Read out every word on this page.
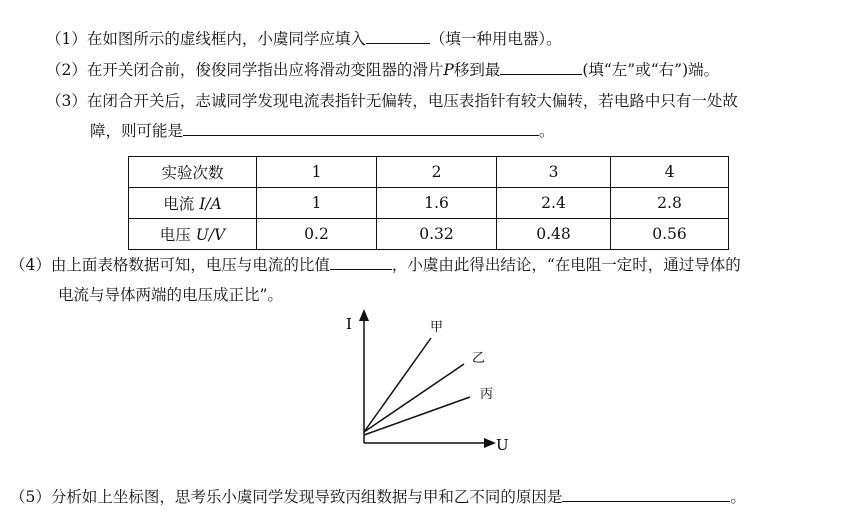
（1）在如图所示的虚线框内，小虞同学应填入	（填一种用电器）。
（2）在开关闭合前，俊俊同学指出应将滑动变阻器的滑片P移到最	(填“左”或“右”)端。
（3）在闭合开关后，志诚同学发现电流表指针无偏转，电压表指针有较大偏转，若电路中只有一处故
障，则可能是	。
实验次数	1	2	3	4
电流 I/A	1	1.6	2.4	2.8
电压 U/V	0.2	0.32	0.48	0.56
（4）由上面表格数据可知，电压与电流的比值	，小虞由此得出结论，“在电阻一定时，通过导体的
电流与导体两端的电压成正比”。
I
U
甲
乙
丙
（5）分析如上坐标图，思考乐小虞同学发现导致丙组数据与甲和乙不同的原因是	。
